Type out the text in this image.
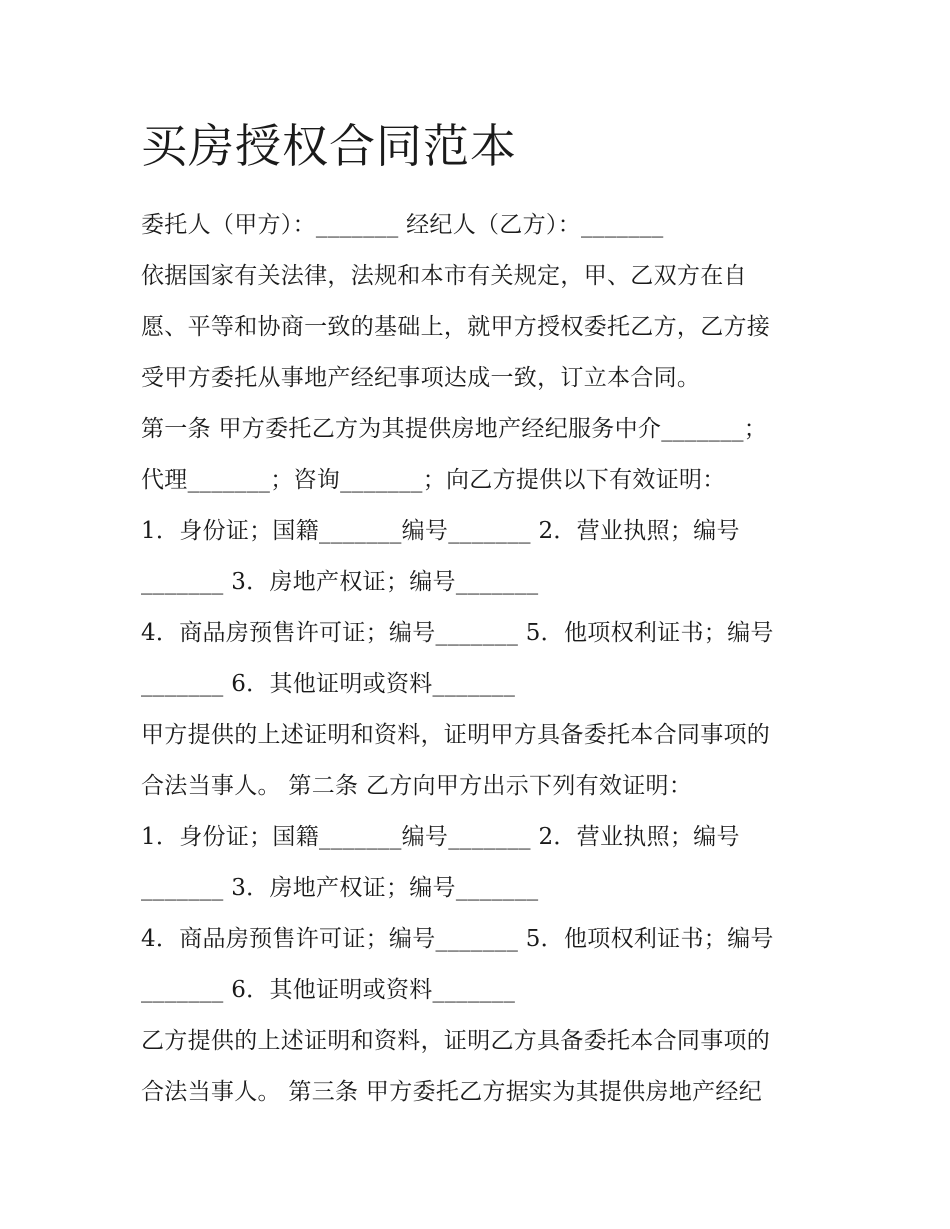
买房授权合同范本
委托人（甲方）：_______ 经纪人（乙方）：_______
依据国家有关法律，法规和本市有关规定，甲、乙双方在自
愿、平等和协商一致的基础上，就甲方授权委托乙方，乙方接
受甲方委托从事地产经纪事项达成一致，订立本合同。
第一条 甲方委托乙方为其提供房地产经纪服务中介_______；
代理_______；咨询_______；向乙方提供以下有效证明：
1．身份证；国籍_______编号_______ 2．营业执照；编号
_______ 3．房地产权证；编号_______
4．商品房预售许可证；编号_______ 5．他项权利证书；编号
_______ 6．其他证明或资料_______
甲方提供的上述证明和资料，证明甲方具备委托本合同事项的
合法当事人。 第二条 乙方向甲方出示下列有效证明：
1．身份证；国籍_______编号_______ 2．营业执照；编号
_______ 3．房地产权证；编号_______
4．商品房预售许可证；编号_______ 5．他项权利证书；编号
_______ 6．其他证明或资料_______
乙方提供的上述证明和资料，证明乙方具备委托本合同事项的
合法当事人。 第三条 甲方委托乙方据实为其提供房地产经纪
